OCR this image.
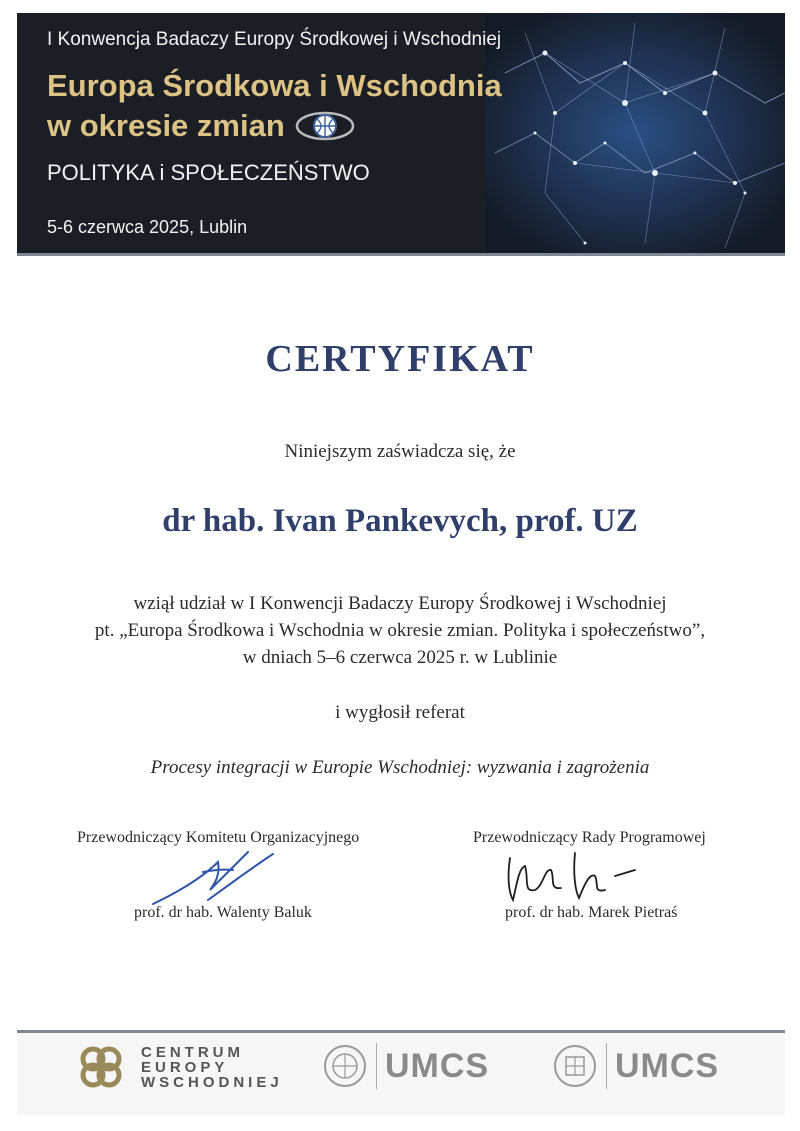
I Konwencja Badaczy Europy Środkowej i Wschodniej
Europa Środkowa i Wschodnia
w okresie zmian
POLITYKA i SPOŁECZEŃSTWO
5-6 czerwca 2025, Lublin
CERTYFIKAT
Niniejszym zaświadcza się, że
dr hab. Ivan Pankevych, prof. UZ
wziął udział w I Konwencji Badaczy Europy Środkowej i Wschodniej
pt. „Europa Środkowa i Wschodnia w okresie zmian. Polityka i społeczeństwo”,
w dniach 5–6 czerwca 2025 r. w Lublinie
i wygłosił referat
Procesy integracji w Europie Wschodniej: wyzwania i zagrożenia
Przewodniczący Komitetu Organizacyjnego
prof. dr hab. Walenty Baluk
Przewodniczący Rady Programowej
prof. dr hab. Marek Pietraś
CENTRUM
EUROPY
WSCHODNIEJ	UMCS	UMCS
